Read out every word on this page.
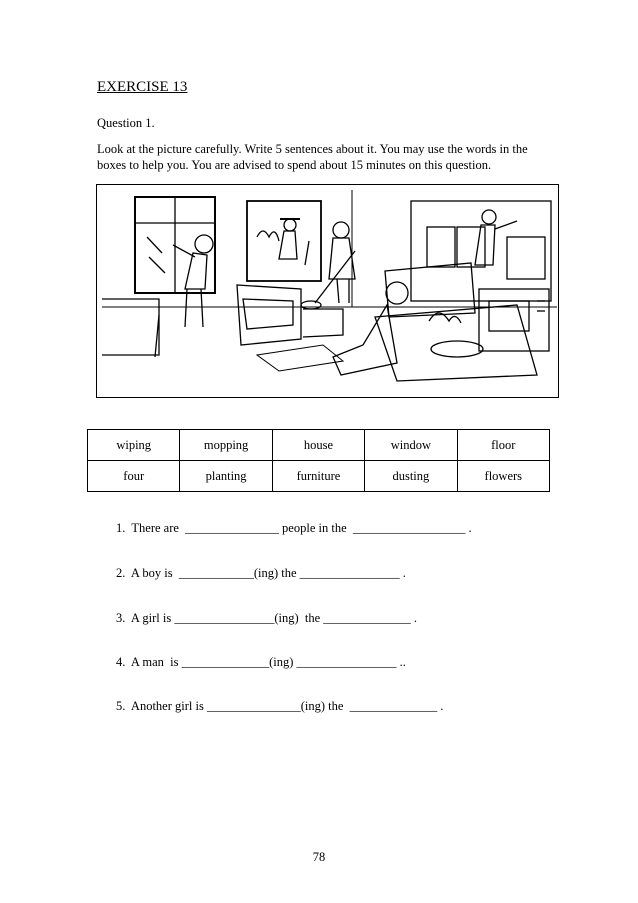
EXERCISE 13
Question 1.
Look at the picture carefully. Write 5 sentences about it. You may use the words in the boxes to help you. You are advised to spend about 15 minutes on this question.
wiping	mopping	house	window	floor
four	planting	furniture	dusting	flowers
1.  There are  _______________ people in the  __________________ .
2.  A boy is  ____________(ing) the ________________ .
3.  A girl is ________________(ing)  the ______________ .
4.  A man  is ______________(ing) ________________ ..
5.  Another girl is _______________(ing) the  ______________ .
78
